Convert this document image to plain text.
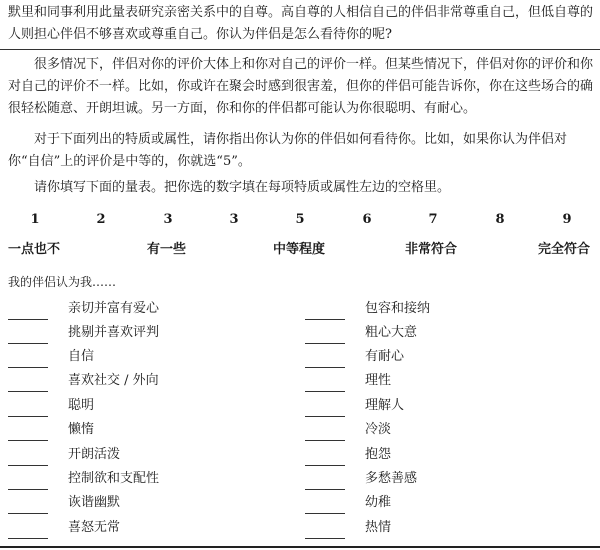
默里和同事利用此量表研究亲密关系中的自尊。高自尊的人相信自己的伴侣非常尊重自己，但低自尊的人则担心伴侣不够喜欢或尊重自己。你认为伴侣是怎么看待你的呢?

很多情况下，伴侣对你的评价大体上和你对自己的评价一样。但某些情况下，伴侣对你的评价和你对自己的评价不一样。比如，你或许在聚会时感到很害羞，但你的伴侣可能告诉你，你在这些场合的确很轻松随意、开朗坦诚。另一方面，你和你的伴侣都可能认为你很聪明、有耐心。

对于下面列出的特质或属性，请你指出你认为你的伴侣如何看待你。比如，如果你认为伴侣对你“自信”上的评价是中等的，你就选“5”。

请你填写下面的量表。把你选的数字填在每项特质或属性左边的空格里。

1	2	3	3	5	6	7	8	9
一点也不	有一些	中等程度	非常符合	完全符合
我的伴侣认为我……
亲切并富有爱心
挑剔并喜欢评判
自信
喜欢社交 / 外向
聪明
懒惰
开朗活泼
控制欲和支配性
诙谐幽默
喜怒无常
包容和接纳
粗心大意
有耐心
理性
理解人
冷淡
抱怨
多愁善感
幼稚
热情
